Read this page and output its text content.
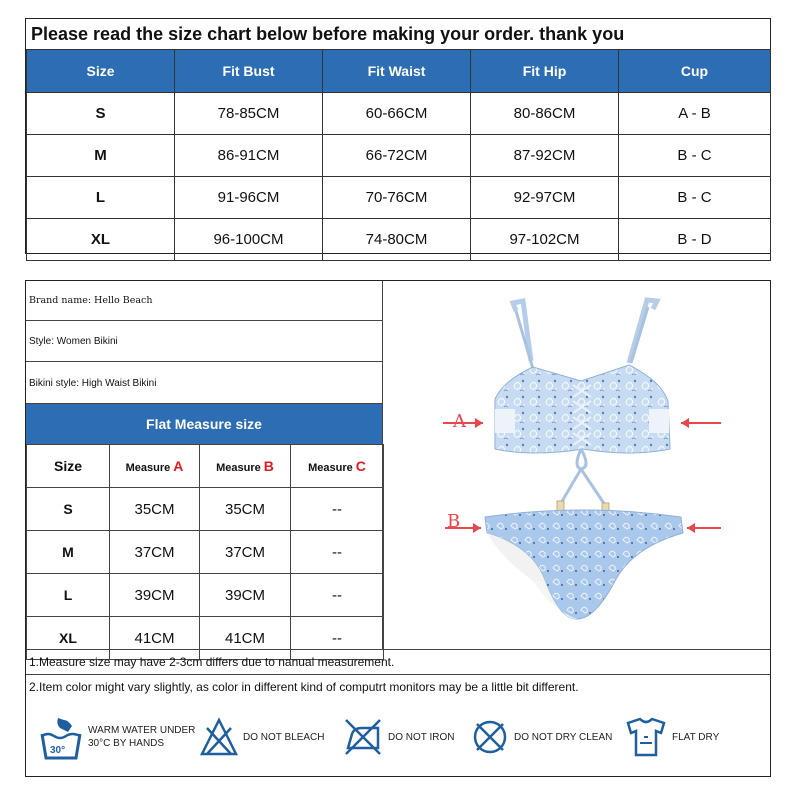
Please read the size chart below before making your order. thank you
Size	Fit Bust	Fit Waist	Fit Hip	Cup
S	78-85CM	60-66CM	80-86CM	A - B
M	86-91CM	66-72CM	87-92CM	B - C
L	91-96CM	70-76CM	92-97CM	B - C
XL	96-100CM	74-80CM	97-102CM	B - D
Brand name: Hello Beach
Style: Women Bikini
Bikini style: High Waist Bikini
Flat Measure size
Size	Measure A	Measure B	Measure C
S	35CM	35CM	--
M	37CM	37CM	--
L	39CM	39CM	--
XL	41CM	41CM	--
A
B
1.Measure size may have 2-3cm differs due to nanual measurement.
2.Item color might vary slightly, as color in different kind of computrt monitors may be a little bit different.
30°
WARM WATER UNDER
30°C BY HANDS
DO NOT BLEACH	DO NOT IRON	DO NOT DRY CLEAN	FLAT DRY
